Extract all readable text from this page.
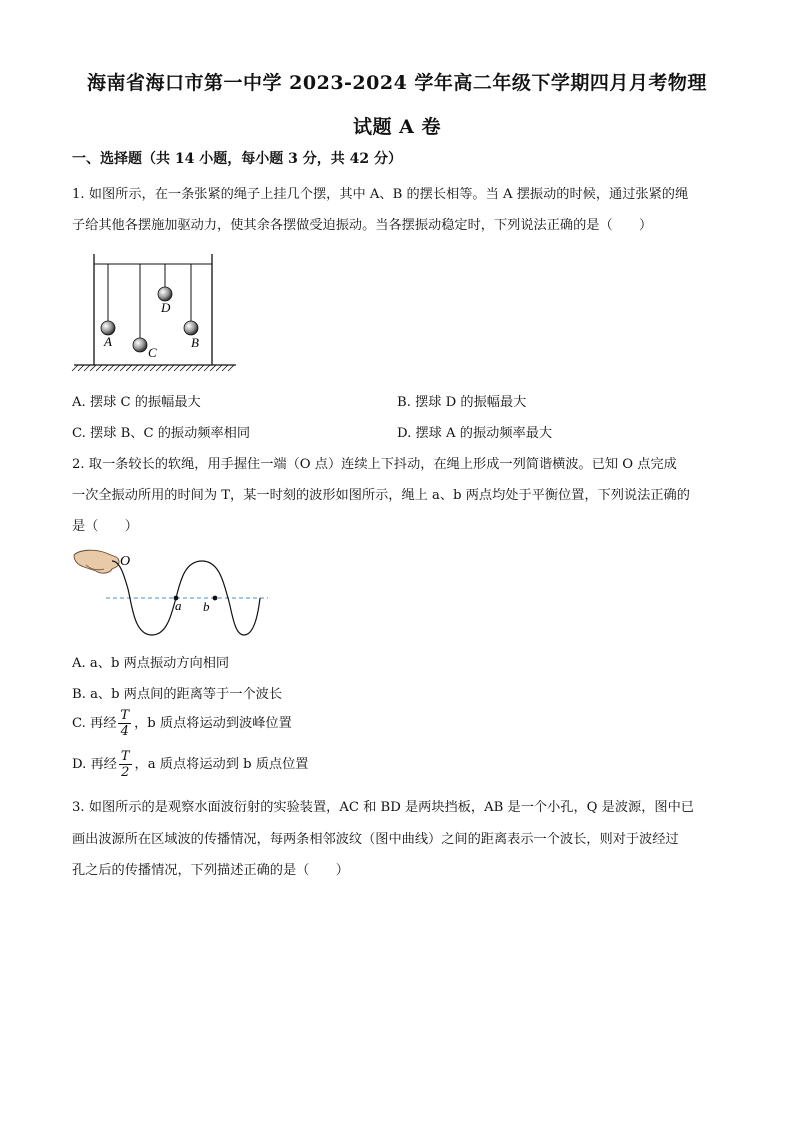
海南省海口市第一中学 2023-2024 学年高二年级下学期四月月考物理
试题 A 卷
一、选择题（共 14 小题，每小题 3 分，共 42 分）
1. 如图所示，在一条张紧的绳子上挂几个摆，其中 A、B 的摆长相等。当 A 摆振动的时候，通过张紧的绳
子给其他各摆施加驱动力，使其余各摆做受迫振动。当各摆振动稳定时，下列说法正确的是（　　）
A
C
D
B
A. 摆球 C 的振幅最大	B. 摆球 D 的振幅最大
C. 摆球 B、C 的振动频率相同	D. 摆球 A 的振动频率最大
2. 取一条较长的软绳，用手握住一端（O 点）连续上下抖动，在绳上形成一列简谐横波。已知 O 点完成
一次全振动所用的时间为 T，某一时刻的波形如图所示，绳上 a、b 两点均处于平衡位置，下列说法正确的
是（　　）
O
a b
A. a、b 两点振动方向相同
B. a、b 两点间的距离等于一个波长
C. 再经 $\frac{T}{4}$ ，b 质点将运动到波峰位置
D. 再经 $\frac{T}{2}$ ，a 质点将运动到 b 质点位置
3. 如图所示的是观察水面波衍射的实验装置，AC 和 BD 是两块挡板，AB 是一个小孔，Q 是波源，图中已
画出波源所在区域波的传播情况，每两条相邻波纹（图中曲线）之间的距离表示一个波长，则对于波经过
孔之后的传播情况，下列描述正确的是（　　）
